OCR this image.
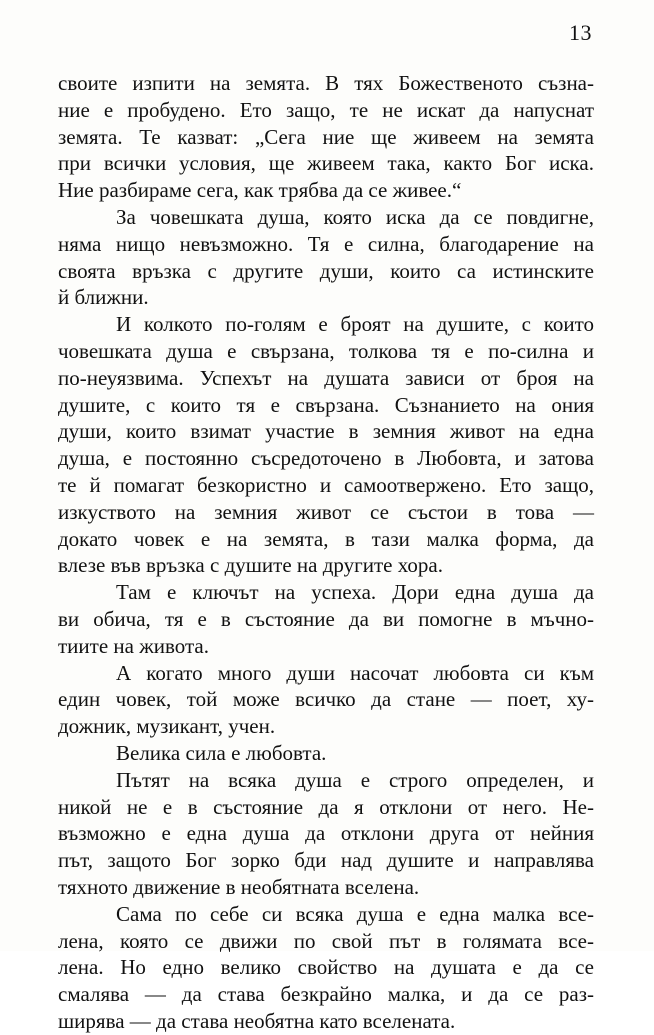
13
своите изпити на земята. В тях Божественото съзна-
ние е пробудено. Ето защо, те не искат да напуснат
земята. Те казват: „Сега ние ще живеем на земята
при всички условия, ще живеем така, както Бог иска.
Ние разбираме сега, как трябва да се живее.“
За човешката душа, която иска да се повдигне,
няма нищо невъзможно. Тя е силна, благодарение на
своята връзка с другите души, които са истинските
й ближни.
И колкото по-голям е броят на душите, с които
човешката душа е свързана, толкова тя е по-силна и
по-неуязвима. Успехът на душата зависи от броя на
душите, с които тя е свързана. Съзнанието на ония
души, които взимат участие в земния живот на една
душа, е постоянно съсредоточено в Любовта, и затова
те й помагат безкористно и самоотвержено. Ето защо,
изкуството на земния живот се състои в това —
докато човек е на земята, в тази малка форма, да
влезе във връзка с душите на другите хора.
Там е ключът на успеха. Дори една душа да
ви обича, тя е в състояние да ви помогне в мъчно-
тиите на живота.
А когато много души насочат любовта си към
един човек, той може всичко да стане — поет, ху-
дожник, музикант, учен.
Велика сила е любовта.
Пътят на всяка душа е строго определен, и
никой не е в състояние да я отклони от него. Не-
възможно е една душа да отклони друга от нейния
път, защото Бог зорко бди над душите и направлява
тяхното движение в необятната вселена.
Сама по себе си всяка душа е една малка все-
лена, която се движи по свой път в голямата все-
лена. Но едно велико свойство на душата е да се
смалява — да става безкрайно малка, и да се раз-
ширява — да става необятна като вселената.
